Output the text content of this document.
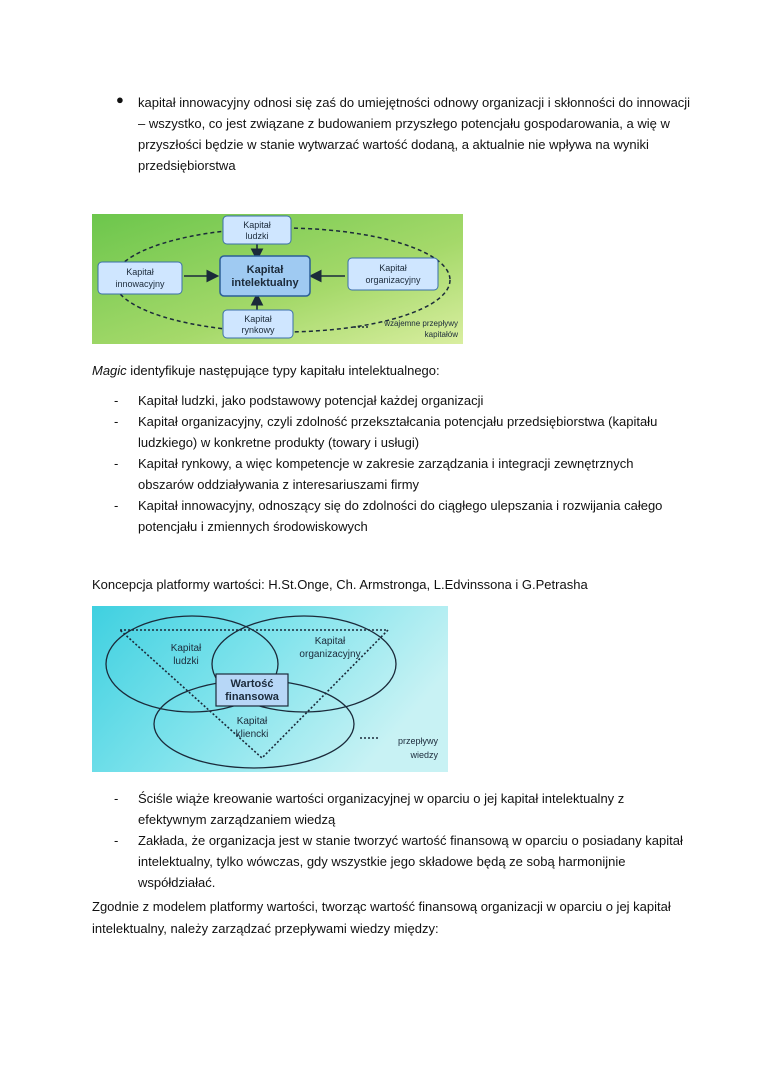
● kapitał innowacyjny odnosi się zaś do umiejętności odnowy organizacji i skłonności do innowacji – wszystko, co jest związane z budowaniem przyszłego potencjału gospodarowania, a wię w przyszłości będzie w stanie wytwarzać wartość dodaną, a aktualnie nie wpływa na wyniki przedsiębiorstwa
Kapitał
ludzki
Kapitał
intelektualny
Kapitał
innowacyjny
Kapitał
organizacyjny
Kapitał
rynkowy
wzajemne przepływy
kapitałów
Magic identyfikuje następujące typy kapitału intelektualnego:
- Kapitał ludzki, jako podstawowy potencjał każdej organizacji
- Kapitał organizacyjny, czyli zdolność przekształcania potencjału przedsiębiorstwa (kapitału ludzkiego) w konkretne produkty (towary i usługi)
- Kapitał rynkowy, a więc kompetencje w zakresie zarządzania i integracji zewnętrznych obszarów oddziaływania z interesariuszami firmy
- Kapitał innowacyjny, odnoszący się do zdolności do ciągłego ulepszania i rozwijania całego potencjału i zmiennych środowiskowych
Koncepcja platformy wartości: H.St.Onge, Ch. Armstronga, L.Edvinssona i G.Petrasha
Kapitał
ludzki
Kapitał
organizacyjny
Kapitał
kliencki
Wartość
finansowa
przepływy
wiedzy
- Ściśle wiąże kreowanie wartości organizacyjnej w oparciu o jej kapitał intelektualny z efektywnym zarządzaniem wiedzą
- Zakłada, że organizacja jest w stanie tworzyć wartość finansową w oparciu o posiadany kapitał intelektualny, tylko wówczas, gdy wszystkie jego składowe będą ze sobą harmonijnie współdziałać.
Zgodnie z modelem platformy wartości, tworząc wartość finansową organizacji w oparciu o jej kapitał intelektualny, należy zarządzać przepływami wiedzy między:
